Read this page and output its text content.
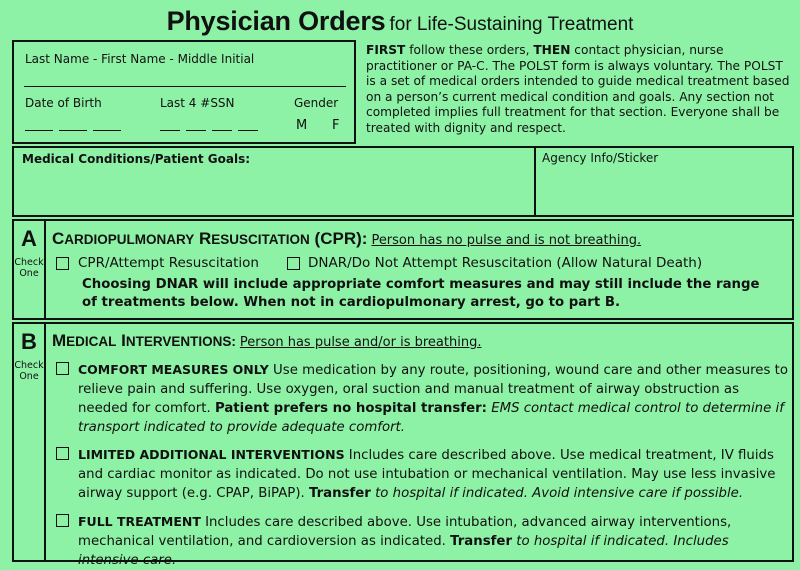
Physician Orders for Life-Sustaining Treatment
Last Name - First Name - Middle Initial
Date of Birth	Last 4 #SSN	Gender
M F
FIRST follow these orders, THEN contact physician, nurse practitioner or PA-C. The POLST form is always voluntary. The POLST is a set of medical orders intended to guide medical treatment based on a person’s current medical condition and goals. Any section not completed implies full treatment for that section. Everyone shall be treated with dignity and respect.
Medical Conditions/Patient Goals:	Agency Info/Sticker
A
Check One
CARDIOPULMONARY RESUSCITATION (CPR): Person has no pulse and is not breathing.
CPR/Attempt Resuscitation	DNAR/Do Not Attempt Resuscitation (Allow Natural Death)
Choosing DNAR will include appropriate comfort measures and may still include the range of treatments below. When not in cardiopulmonary arrest, go to part B.
B
Check One
MEDICAL INTERVENTIONS: Person has pulse and/or is breathing.
COMFORT MEASURES ONLY Use medication by any route, positioning, wound care and other measures to relieve pain and suffering. Use oxygen, oral suction and manual treatment of airway obstruction as needed for comfort. Patient prefers no hospital transfer: EMS contact medical control to determine if transport indicated to provide adequate comfort.
LIMITED ADDITIONAL INTERVENTIONS Includes care described above. Use medical treatment, IV fluids and cardiac monitor as indicated. Do not use intubation or mechanical ventilation. May use less invasive airway support (e.g. CPAP, BiPAP). Transfer to hospital if indicated. Avoid intensive care if possible.
FULL TREATMENT Includes care described above. Use intubation, advanced airway interventions, mechanical ventilation, and cardioversion as indicated. Transfer to hospital if indicated. Includes intensive care.
